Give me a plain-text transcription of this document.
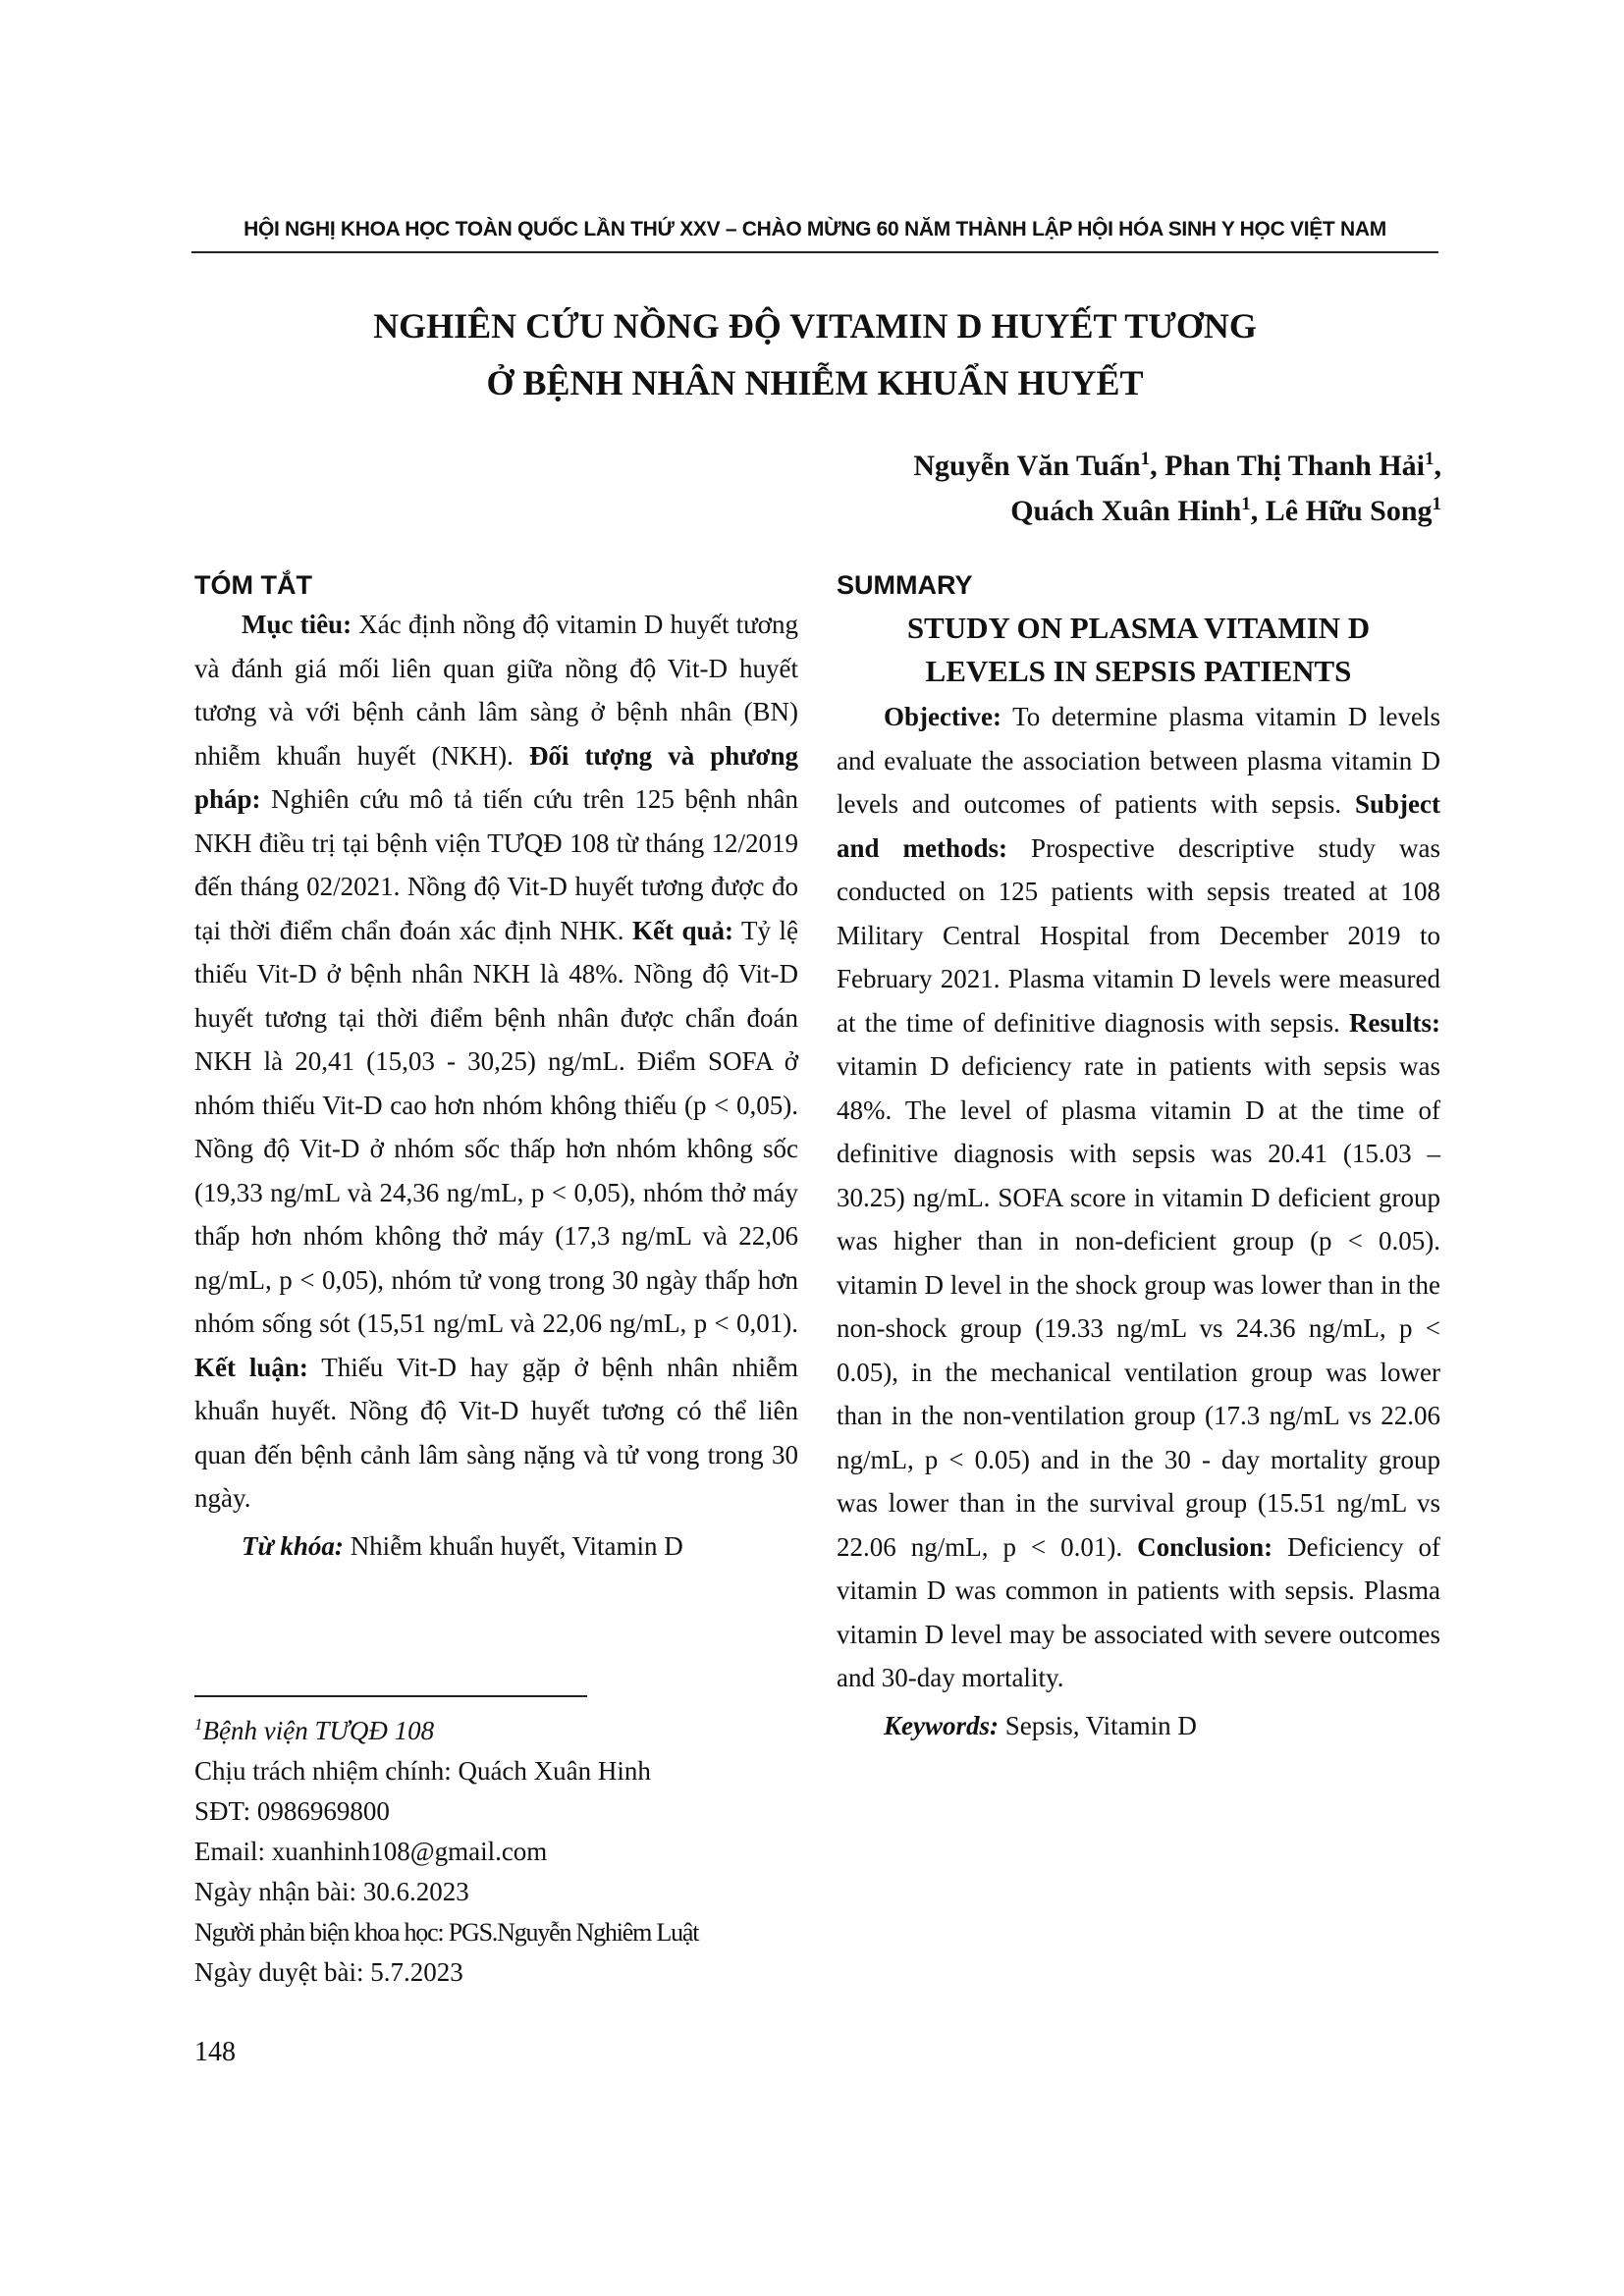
HỘI NGHỊ KHOA HỌC TOÀN QUỐC LẦN THỨ XXV – CHÀO MỪNG 60 NĂM THÀNH LẬP HỘI HÓA SINH Y HỌC VIỆT NAM
NGHIÊN CỨU NỒNG ĐỘ VITAMIN D HUYẾT TƯƠNG
Ở BỆNH NHÂN NHIỄM KHUẨN HUYẾT
Nguyễn Văn Tuấn$^1$, Phan Thị Thanh Hải$^1$,
Quách Xuân Hinh$^1$, Lê Hữu Song$^1$

TÓM TẮT

Mục tiêu: Xác định nồng độ vitamin D huyết tương và đánh giá mối liên quan giữa nồng độ Vit-D huyết tương và với bệnh cảnh lâm sàng ở bệnh nhân (BN) nhiễm khuẩn huyết (NKH). Đối tượng và phương pháp: Nghiên cứu mô tả tiến cứu trên 125 bệnh nhân NKH điều trị tại bệnh viện TƯQĐ 108 từ tháng 12/2019 đến tháng 02/2021. Nồng độ Vit-D huyết tương được đo tại thời điểm chẩn đoán xác định NHK. Kết quả: Tỷ lệ thiếu Vit-D ở bệnh nhân NKH là 48%. Nồng độ Vit-D huyết tương tại thời điểm bệnh nhân được chẩn đoán NKH là 20,41 (15,03 - 30,25) ng/mL. Điểm SOFA ở nhóm thiếu Vit-D cao hơn nhóm không thiếu (p < 0,05). Nồng độ Vit-D ở nhóm sốc thấp hơn nhóm không sốc (19,33 ng/mL và 24,36 ng/mL, p < 0,05), nhóm thở máy thấp hơn nhóm không thở máy (17,3 ng/mL và 22,06 ng/mL, p < 0,05), nhóm tử vong trong 30 ngày thấp hơn nhóm sống sót (15,51 ng/mL và 22,06 ng/mL, p < 0,01). Kết luận: Thiếu Vit-D hay gặp ở bệnh nhân nhiễm khuẩn huyết. Nồng độ Vit-D huyết tương có thể liên quan đến bệnh cảnh lâm sàng nặng và tử vong trong 30 ngày.

Từ khóa: Nhiễm khuẩn huyết, Vitamin D

SUMMARY

STUDY ON PLASMA VITAMIN D
LEVELS IN SEPSIS PATIENTS

Objective: To determine plasma vitamin D levels and evaluate the association between plasma vitamin D levels and outcomes of patients with sepsis. Subject and methods: Prospective descriptive study was conducted on 125 patients with sepsis treated at 108 Military Central Hospital from December 2019 to February 2021. Plasma vitamin D levels were measured at the time of definitive diagnosis with sepsis. Results: vitamin D deficiency rate in patients with sepsis was 48%. The level of plasma vitamin D at the time of definitive diagnosis with sepsis was 20.41 (15.03 – 30.25) ng/mL. SOFA score in vitamin D deficient group was higher than in non-deficient group (p < 0.05). vitamin D level in the shock group was lower than in the non-shock group (19.33 ng/mL vs 24.36 ng/mL, p < 0.05), in the mechanical ventilation group was lower than in the non-ventilation group (17.3 ng/mL vs 22.06 ng/mL, p < 0.05) and in the 30 - day mortality group was lower than in the survival group (15.51 ng/mL vs 22.06 ng/mL, p < 0.01). Conclusion: Deficiency of vitamin D was common in patients with sepsis. Plasma vitamin D level may be associated with severe outcomes and 30-day mortality.

Keywords: Sepsis, Vitamin D

$^1$Bệnh viện TƯQĐ 108
Chịu trách nhiệm chính: Quách Xuân Hinh
SĐT: 0986969800
Email: xuanhinh108@gmail.com
Ngày nhận bài: 30.6.2023
Người phản biện khoa học: PGS.Nguyễn Nghiêm Luật
Ngày duyệt bài: 5.7.2023
148
